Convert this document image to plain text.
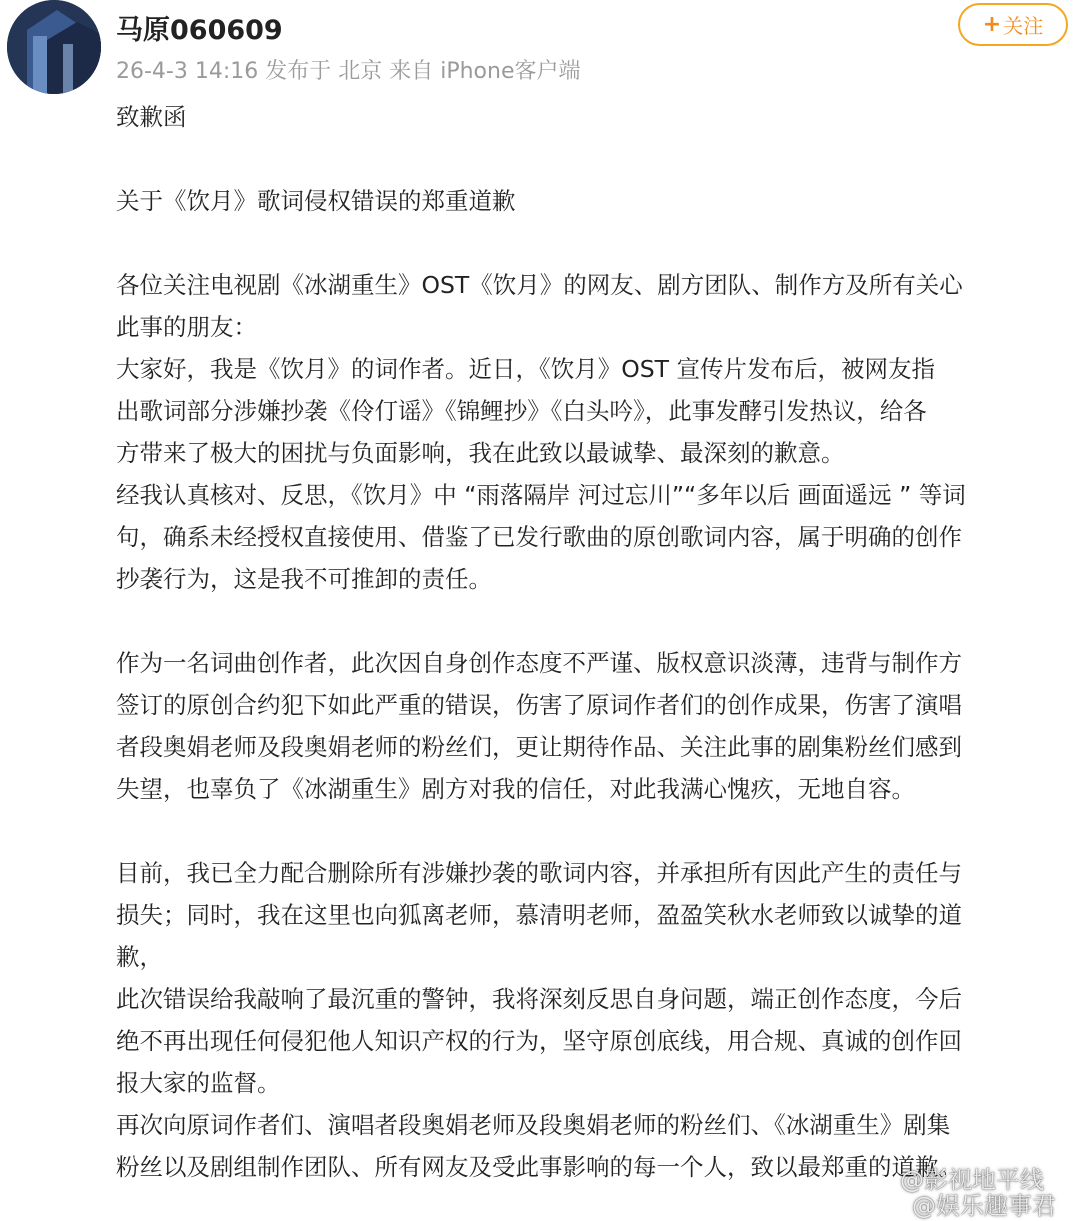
马原060609
26-4-3 14:16 发布于 北京 来自 iPhone客户端
+ 关注

致歉函

关于《饮月》歌词侵权错误的郑重道歉

各位关注电视剧《冰湖重生》OST《饮月》的网友、剧方团队、制作方及所有关心

此事的朋友：

大家好，我是《饮月》的词作者。近日，《饮月》OST 宣传片发布后，被网友指

出歌词部分涉嫌抄袭《伶仃谣》《锦鲤抄》《白头吟》，此事发酵引发热议，给各

方带来了极大的困扰与负面影响，我在此致以最诚挚、最深刻的歉意。

经我认真核对、反思，《饮月》中 “雨落隔岸 河过忘川”“多年以后 画面遥远 ” 等词

句，确系未经授权直接使用、借鉴了已发行歌曲的原创歌词内容，属于明确的创作

抄袭行为，这是我不可推卸的责任。

作为一名词曲创作者，此次因自身创作态度不严谨、版权意识淡薄，违背与制作方

签订的原创合约犯下如此严重的错误，伤害了原词作者们的创作成果，伤害了演唱

者段奥娟老师及段奥娟老师的粉丝们，更让期待作品、关注此事的剧集粉丝们感到

失望，也辜负了《冰湖重生》剧方对我的信任，对此我满心愧疚，无地自容。

目前，我已全力配合删除所有涉嫌抄袭的歌词内容，并承担所有因此产生的责任与

损失；同时，我在这里也向狐离老师，慕清明老师，盈盈笑秋水老师致以诚挚的道

歉，

此次错误给我敲响了最沉重的警钟，我将深刻反思自身问题，端正创作态度，今后

绝不再出现任何侵犯他人知识产权的行为，坚守原创底线，用合规、真诚的创作回

报大家的监督。

再次向原词作者们、演唱者段奥娟老师及段奥娟老师的粉丝们、《冰湖重生》剧集

粉丝以及剧组制作团队、所有网友及受此事影响的每一个人，致以最郑重的道歉。

@影视地平线
@娱乐趣事君
